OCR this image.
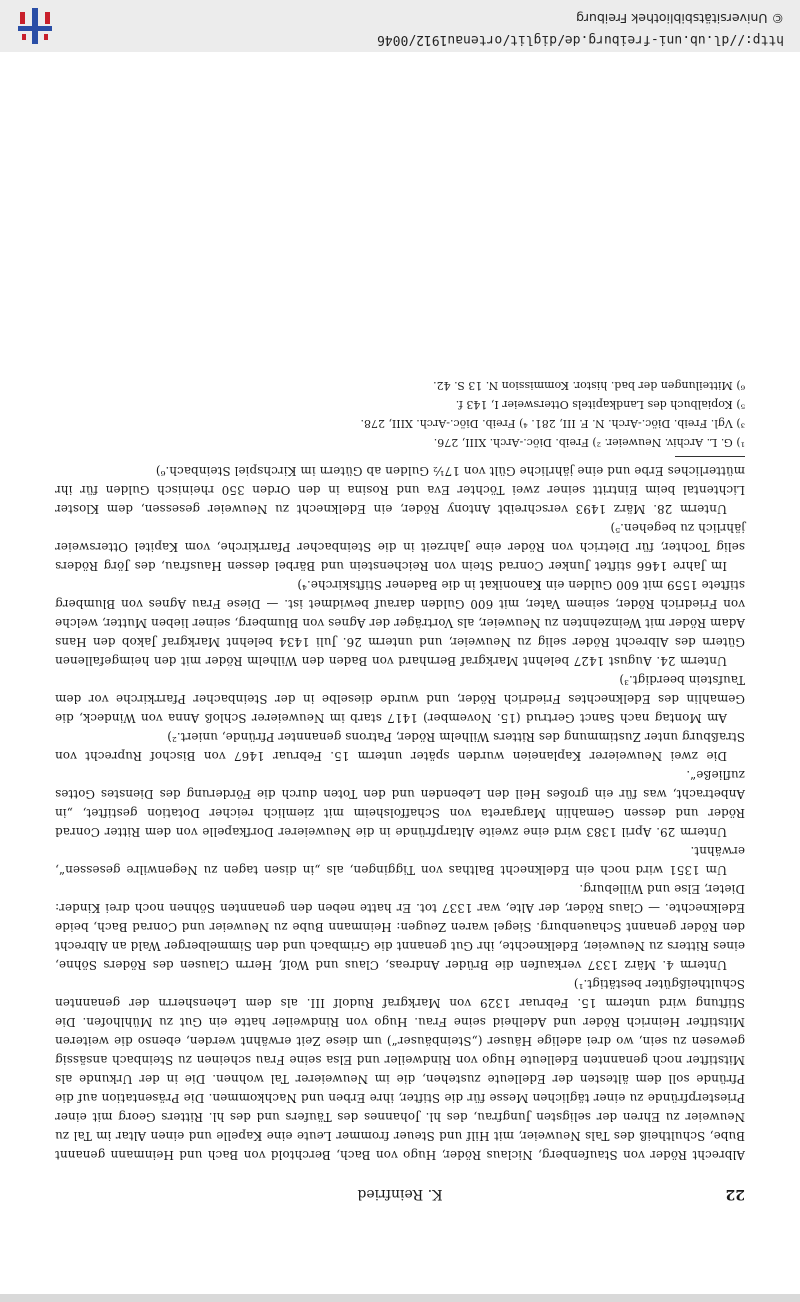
http://dl.ub.uni-freiburg.de/diglit/ortenau1912/0046
© Universitätsbibliothek Freiburg
22
K. Reinfried

Albrecht Röder von Staufenberg, Niclaus Röder, Hugo von Bach, Berchtold von Bach und Heinmann genannt Bube, Schultheiß des Tals Neuweier, mit Hilf und Steuer frommer Leute eine Kapelle und einen Altar im Tal zu Neuweier zu Ehren der seligsten Jungfrau, des hl. Johannes des Täufers und des hl. Ritters Georg mit einer Priesterpfründe zu einer täglichen Messe für die Stifter, ihre Erben und Nachkommen. Die Präsentation auf die Pfründe soll dem ältesten der Edelleute zustehen, die im Neuweierer Tal wohnen. Die in der Urkunde als Mitstifter noch genannten Edelleute Hugo von Rindweiler und Elsa seine Frau scheinen zu Steinbach ansässig gewesen zu sein, wo drei adelige Häuser („Steinbäuser“) um diese Zeit erwähnt werden, ebenso die weiteren Mitstifter Heinrich Röder und Adelheid seine Frau. Hugo von Rindweiler hatte ein Gut zu Mühlhofen. Die Stiftung wird unterm 15. Februar 1329 von Markgraf Rudolf III. als dem Lehensherrn der genannten Schultheißgüter bestätigt.¹)

Unterm 4. März 1337 verkaufen die Brüder Andreas, Claus und Wolf, Herrn Clausen des Röders Söhne, eines Ritters zu Neuweier, Edelknechte, ihr Gut genannt die Grimbach und den Simmelberger Wald an Albrecht den Röder genannt Schauenburg. Siegel waren Zeugen: Heinmann Bube zu Neuweier und Conrad Bach, beide Edelknechte. — Claus Röder, der Alte, war 1337 tot. Er hatte neben den genannten Söhnen noch drei Kinder: Dieter, Else und Willeburg.

Um 1351 wird noch ein Edelknecht Balthas von Tiggingen, als „in disen tagen zu Negenwilre gesessen“, erwähnt.

Unterm 29. April 1383 wird eine zweite Altarpfründe in die Neuweierer Dorfkapelle von dem Ritter Conrad Röder und dessen Gemahlin Margareta von Schaffolsheim mit ziemlich reicher Dotation gestiftet, „in Anbetracht, was für ein großes Heil den Lebenden und den Toten durch die Förderung des Dienstes Gottes zufließe“.

Die zwei Neuweierer Kaplaneien wurden später unterm 15. Februar 1467 von Bischof Ruprecht von Straßburg unter Zustimmung des Ritters Wilhelm Röder, Patrons genannter Pfründe, uniert.²)

Am Montag nach Sanct Gertrud (15. November) 1417 starb im Neuweierer Schloß Anna von Windeck, die Gemahlin des Edelknechtes Friedrich Röder, und wurde dieselbe in der Steinbacher Pfarrkirche vor dem Taufstein beerdigt.³)

Unterm 24. August 1427 belehnt Markgraf Bernhard von Baden den Wilhelm Röder mit den heimgefallenen Gütern des Albrecht Röder selig zu Neuweier, und unterm 26. Juli 1434 belehnt Markgraf Jakob den Hans Adam Röder mit Weinzehnten zu Neuweier, als Vorträger der Agnes von Blumberg, seiner lieben Mutter, welche von Friedrich Röder, seinem Vater, mit 600 Gulden darauf bewidmet ist. — Diese Frau Agnes von Blumberg stiftete 1559 mit 600 Gulden ein Kanonikat in die Badener Stiftskirche.⁴)

Im Jahre 1466 stiftet Junker Conrad Stein von Reichenstein und Bärbel dessen Hausfrau, des Jörg Röders selig Tochter, für Dietrich von Röder eine Jahrzeit in die Steinbacher Pfarrkirche, vom Kapitel Ottersweier jährlich zu begehen.⁵)

Unterm 28. März 1493 verschreibt Antony Röder, ein Edelknecht zu Neuweier gesessen, dem Kloster Lichtental beim Eintritt seiner zwei Töchter Eva und Rosina in den Orden 350 rheinisch Gulden für ihr mütterliches Erbe und eine jährliche Gült von 17½ Gulden ab Gütern im Kirchspiel Steinbach.⁶)

¹) G. L. Archiv. Neuweier. ²) Freib. Diöc.-Arch. XIII, 276.

³) Vgl. Freib. Diöc.-Arch. N. F. III, 281. ⁴) Freib. Diöc.-Arch. XIII, 278.

⁵) Kopialbuch des Landkapitels Ottersweier I, 143 f.

⁶) Mitteilungen der bad. histor. Kommission N. 13 S. 42.
